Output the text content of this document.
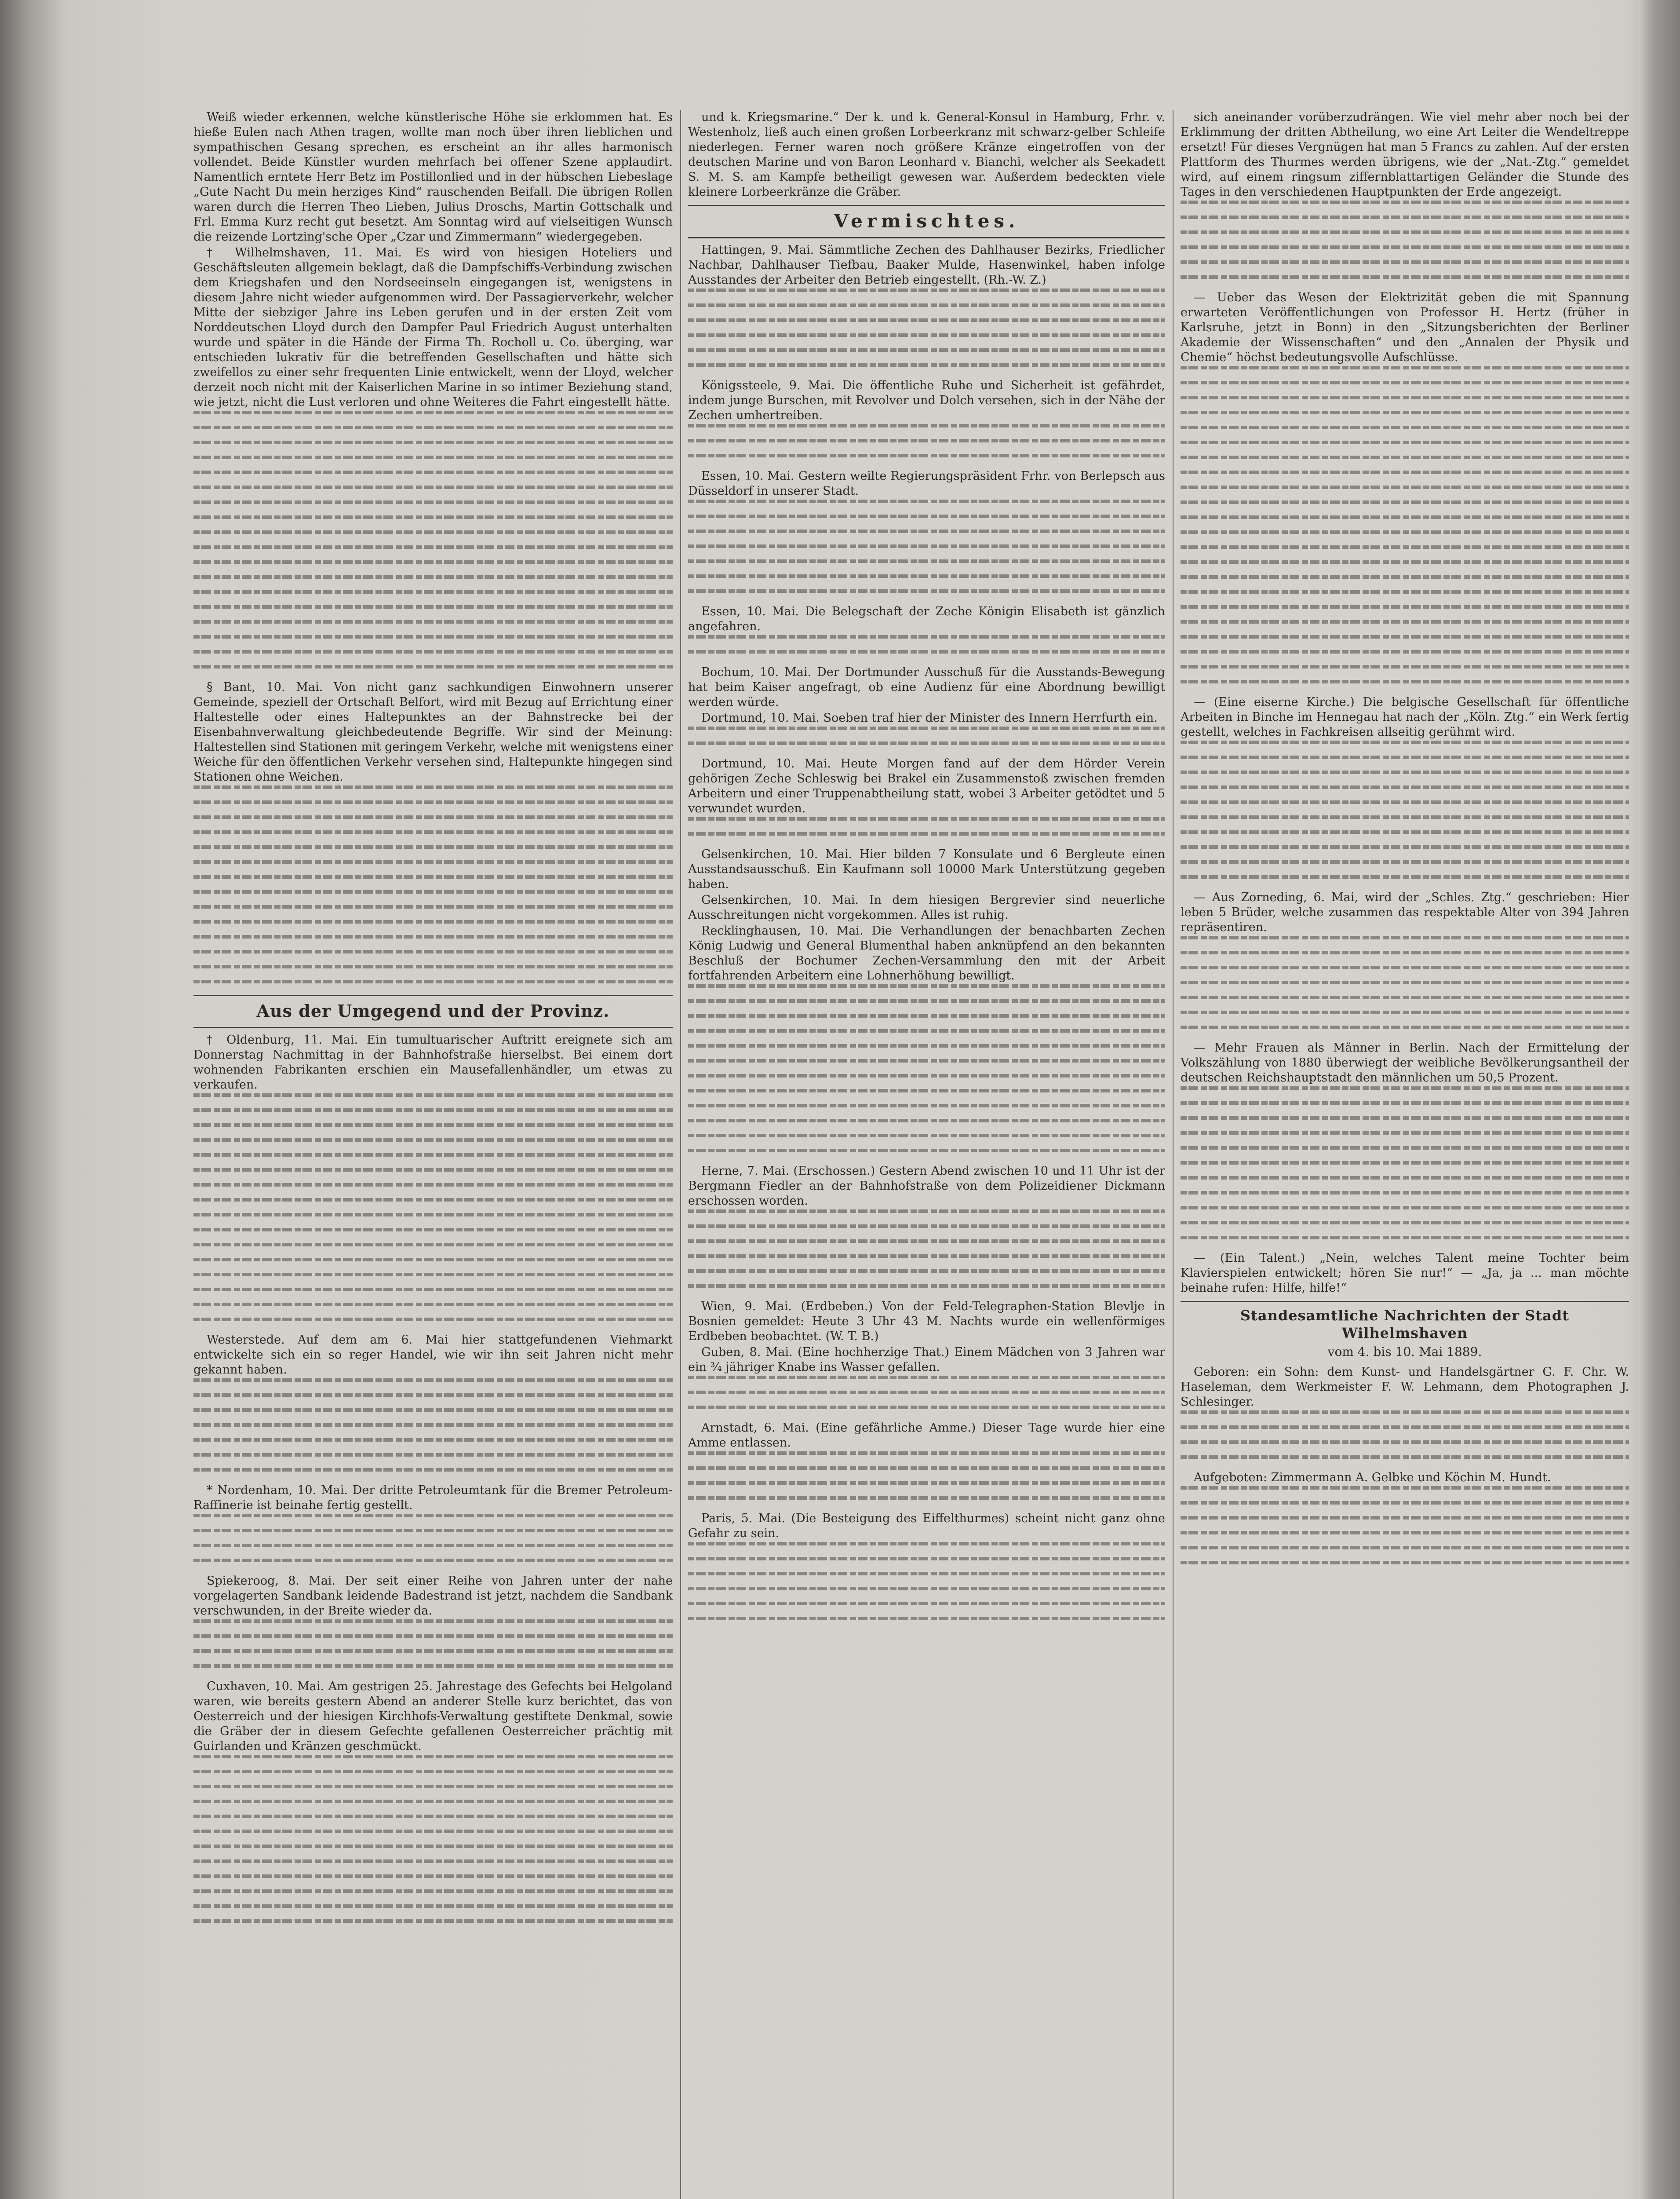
Weiß wieder erkennen, welche künstlerische Höhe sie erklommen hat. Es hieße Eulen nach Athen tragen, wollte man noch über ihren lieblichen und sympathischen Gesang sprechen, es erscheint an ihr alles harmonisch vollendet. Beide Künstler wurden mehrfach bei offener Szene applaudirt. Namentlich erntete Herr Betz im Postillonlied und in der hübschen Liebeslage „Gute Nacht Du mein herziges Kind“ rauschenden Beifall. Die übrigen Rollen waren durch die Herren Theo Lieben, Julius Droschs, Martin Gottschalk und Frl. Emma Kurz recht gut besetzt. Am Sonntag wird auf vielseitigen Wunsch die reizende Lortzing'sche Oper „Czar und Zimmermann“ wiedergegeben.

† Wilhelmshaven, 11. Mai. Es wird von hiesigen Hoteliers und Geschäftsleuten allgemein beklagt, daß die Dampfschiffs-Verbindung zwischen dem Kriegshafen und den Nordseeinseln eingegangen ist, wenigstens in diesem Jahre nicht wieder aufgenommen wird. Der Passagierverkehr, welcher Mitte der siebziger Jahre ins Leben gerufen und in der ersten Zeit vom Norddeutschen Lloyd durch den Dampfer Paul Friedrich August unterhalten wurde und später in die Hände der Firma Th. Rocholl u. Co. überging, war entschieden lukrativ für die betreffenden Gesellschaften und hätte sich zweifellos zu einer sehr frequenten Linie entwickelt, wenn der Lloyd, welcher derzeit noch nicht mit der Kaiserlichen Marine in so intimer Beziehung stand, wie jetzt, nicht die Lust verloren und ohne Weiteres die Fahrt eingestellt hätte.

§ Bant, 10. Mai. Von nicht ganz sachkundigen Einwohnern unserer Gemeinde, speziell der Ortschaft Belfort, wird mit Bezug auf Errichtung einer Haltestelle oder eines Haltepunktes an der Bahnstrecke bei der Eisenbahnverwaltung gleichbedeutende Begriffe. Wir sind der Meinung: Haltestellen sind Stationen mit geringem Verkehr, welche mit wenigstens einer Weiche für den öffentlichen Verkehr versehen sind, Haltepunkte hingegen sind Stationen ohne Weichen.

Aus der Umgegend und der Provinz.

† Oldenburg, 11. Mai. Ein tumultuarischer Auftritt ereignete sich am Donnerstag Nachmittag in der Bahnhofstraße hierselbst. Bei einem dort wohnenden Fabrikanten erschien ein Mausefallenhändler, um etwas zu verkaufen.

Westerstede. Auf dem am 6. Mai hier stattgefundenen Viehmarkt entwickelte sich ein so reger Handel, wie wir ihn seit Jahren nicht mehr gekannt haben.

* Nordenham, 10. Mai. Der dritte Petroleumtank für die Bremer Petroleum-Raffinerie ist beinahe fertig gestellt.

Spiekeroog, 8. Mai. Der seit einer Reihe von Jahren unter der nahe vorgelagerten Sandbank leidende Badestrand ist jetzt, nachdem die Sandbank verschwunden, in der Breite wieder da.

Cuxhaven, 10. Mai. Am gestrigen 25. Jahrestage des Gefechts bei Helgoland waren, wie bereits gestern Abend an anderer Stelle kurz berichtet, das von Oesterreich und der hiesigen Kirchhofs-Verwaltung gestiftete Denkmal, sowie die Gräber der in diesem Gefechte gefallenen Oesterreicher prächtig mit Guirlanden und Kränzen geschmückt.

und k. Kriegsmarine.“ Der k. und k. General-Konsul in Hamburg, Frhr. v. Westenholz, ließ auch einen großen Lorbeerkranz mit schwarz-gelber Schleife niederlegen. Ferner waren noch größere Kränze eingetroffen von der deutschen Marine und von Baron Leonhard v. Bianchi, welcher als Seekadett S. M. S. am Kampfe betheiligt gewesen war. Außerdem bedeckten viele kleinere Lorbeerkränze die Gräber.

Vermischtes.

Hattingen, 9. Mai. Sämmtliche Zechen des Dahlhauser Bezirks, Friedlicher Nachbar, Dahlhauser Tiefbau, Baaker Mulde, Hasenwinkel, haben infolge Ausstandes der Arbeiter den Betrieb eingestellt. (Rh.-W. Z.)

Königssteele, 9. Mai. Die öffentliche Ruhe und Sicherheit ist gefährdet, indem junge Burschen, mit Revolver und Dolch versehen, sich in der Nähe der Zechen umhertreiben.

Essen, 10. Mai. Gestern weilte Regierungspräsident Frhr. von Berlepsch aus Düsseldorf in unserer Stadt.

Essen, 10. Mai. Die Belegschaft der Zeche Königin Elisabeth ist gänzlich angefahren.

Bochum, 10. Mai. Der Dortmunder Ausschuß für die Ausstands-Bewegung hat beim Kaiser angefragt, ob eine Audienz für eine Abordnung bewilligt werden würde.

Dortmund, 10. Mai. Soeben traf hier der Minister des Innern Herrfurth ein.

Dortmund, 10. Mai. Heute Morgen fand auf der dem Hörder Verein gehörigen Zeche Schleswig bei Brakel ein Zusammenstoß zwischen fremden Arbeitern und einer Truppenabtheilung statt, wobei 3 Arbeiter getödtet und 5 verwundet wurden.

Gelsenkirchen, 10. Mai. Hier bilden 7 Konsulate und 6 Bergleute einen Ausstandsausschuß. Ein Kaufmann soll 10000 Mark Unterstützung gegeben haben.

Gelsenkirchen, 10. Mai. In dem hiesigen Bergrevier sind neuerliche Ausschreitungen nicht vorgekommen. Alles ist ruhig.

Recklinghausen, 10. Mai. Die Verhandlungen der benachbarten Zechen König Ludwig und General Blumenthal haben anknüpfend an den bekannten Beschluß der Bochumer Zechen-Versammlung den mit der Arbeit fortfahrenden Arbeitern eine Lohnerhöhung bewilligt.

Herne, 7. Mai. (Erschossen.) Gestern Abend zwischen 10 und 11 Uhr ist der Bergmann Fiedler an der Bahnhofstraße von dem Polizeidiener Dickmann erschossen worden.

Wien, 9. Mai. (Erdbeben.) Von der Feld-Telegraphen-Station Blevlje in Bosnien gemeldet: Heute 3 Uhr 43 M. Nachts wurde ein wellenförmiges Erdbeben beobachtet. (W. T. B.)

Guben, 8. Mai. (Eine hochherzige That.) Einem Mädchen von 3 Jahren war ein ¾ jähriger Knabe ins Wasser gefallen.

Arnstadt, 6. Mai. (Eine gefährliche Amme.) Dieser Tage wurde hier eine Amme entlassen.

Paris, 5. Mai. (Die Besteigung des Eiffelthurmes) scheint nicht ganz ohne Gefahr zu sein.

sich aneinander vorüberzudrängen. Wie viel mehr aber noch bei der Erklimmung der dritten Abtheilung, wo eine Art Leiter die Wendeltreppe ersetzt! Für dieses Vergnügen hat man 5 Francs zu zahlen. Auf der ersten Plattform des Thurmes werden übrigens, wie der „Nat.-Ztg.“ gemeldet wird, auf einem ringsum ziffernblattartigen Geländer die Stunde des Tages in den verschiedenen Hauptpunkten der Erde angezeigt.

— Ueber das Wesen der Elektrizität geben die mit Spannung erwarteten Veröffentlichungen von Professor H. Hertz (früher in Karlsruhe, jetzt in Bonn) in den „Sitzungsberichten der Berliner Akademie der Wissenschaften“ und den „Annalen der Physik und Chemie“ höchst bedeutungsvolle Aufschlüsse.

— (Eine eiserne Kirche.) Die belgische Gesellschaft für öffentliche Arbeiten in Binche im Hennegau hat nach der „Köln. Ztg.“ ein Werk fertig gestellt, welches in Fachkreisen allseitig gerühmt wird.

— Aus Zorneding, 6. Mai, wird der „Schles. Ztg.“ geschrieben: Hier leben 5 Brüder, welche zusammen das respektable Alter von 394 Jahren repräsentiren.

— Mehr Frauen als Männer in Berlin. Nach der Ermittelung der Volkszählung von 1880 überwiegt der weibliche Bevölkerungsantheil der deutschen Reichshauptstadt den männlichen um 50,5 Prozent.

— (Ein Talent.) „Nein, welches Talent meine Tochter beim Klavierspielen entwickelt; hören Sie nur!“ — „Ja, ja ... man möchte beinahe rufen: Hilfe, hilfe!“

Standesamtliche Nachrichten der Stadt Wilhelmshaven
vom 4. bis 10. Mai 1889.

Geboren: ein Sohn: dem Kunst- und Handelsgärtner G. F. Chr. W. Haseleman, dem Werkmeister F. W. Lehmann, dem Photographen J. Schlesinger.

Aufgeboten: Zimmermann A. Gelbke und Köchin M. Hundt.
